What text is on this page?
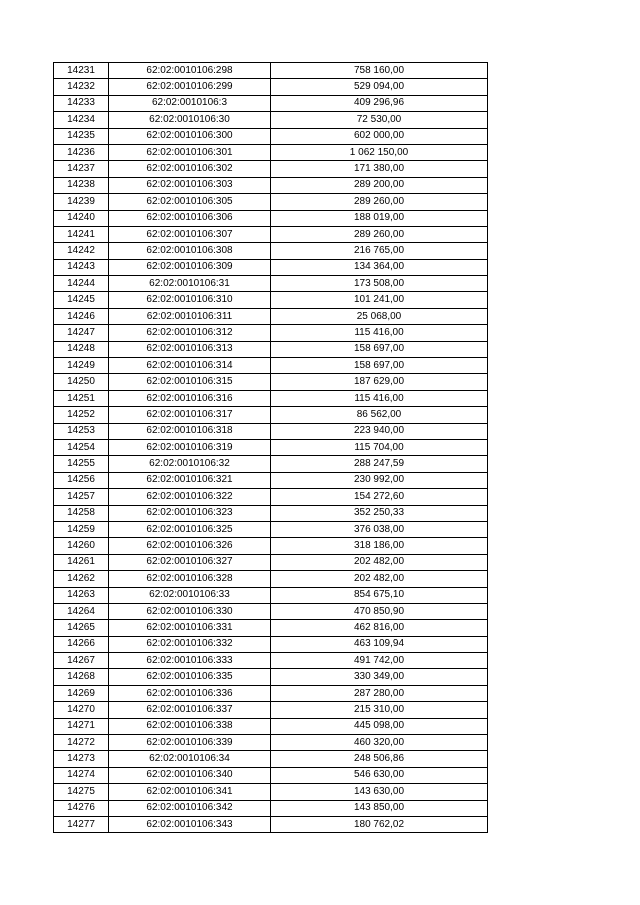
14231	62:02:0010106:298	758 160,00
14232	62:02:0010106:299	529 094,00
14233	62:02:0010106:3	409 296,96
14234	62:02:0010106:30	72 530,00
14235	62:02:0010106:300	602 000,00
14236	62:02:0010106:301	1 062 150,00
14237	62:02:0010106:302	171 380,00
14238	62:02:0010106:303	289 200,00
14239	62:02:0010106:305	289 260,00
14240	62:02:0010106:306	188 019,00
14241	62:02:0010106:307	289 260,00
14242	62:02:0010106:308	216 765,00
14243	62:02:0010106:309	134 364,00
14244	62:02:0010106:31	173 508,00
14245	62:02:0010106:310	101 241,00
14246	62:02:0010106:311	25 068,00
14247	62:02:0010106:312	115 416,00
14248	62:02:0010106:313	158 697,00
14249	62:02:0010106:314	158 697,00
14250	62:02:0010106:315	187 629,00
14251	62:02:0010106:316	115 416,00
14252	62:02:0010106:317	86 562,00
14253	62:02:0010106:318	223 940,00
14254	62:02:0010106:319	115 704,00
14255	62:02:0010106:32	288 247,59
14256	62:02:0010106:321	230 992,00
14257	62:02:0010106:322	154 272,60
14258	62:02:0010106:323	352 250,33
14259	62:02:0010106:325	376 038,00
14260	62:02:0010106:326	318 186,00
14261	62:02:0010106:327	202 482,00
14262	62:02:0010106:328	202 482,00
14263	62:02:0010106:33	854 675,10
14264	62:02:0010106:330	470 850,90
14265	62:02:0010106:331	462 816,00
14266	62:02:0010106:332	463 109,94
14267	62:02:0010106:333	491 742,00
14268	62:02:0010106:335	330 349,00
14269	62:02:0010106:336	287 280,00
14270	62:02:0010106:337	215 310,00
14271	62:02:0010106:338	445 098,00
14272	62:02:0010106:339	460 320,00
14273	62:02:0010106:34	248 506,86
14274	62:02:0010106:340	546 630,00
14275	62:02:0010106:341	143 630,00
14276	62:02:0010106:342	143 850,00
14277	62:02:0010106:343	180 762,02
